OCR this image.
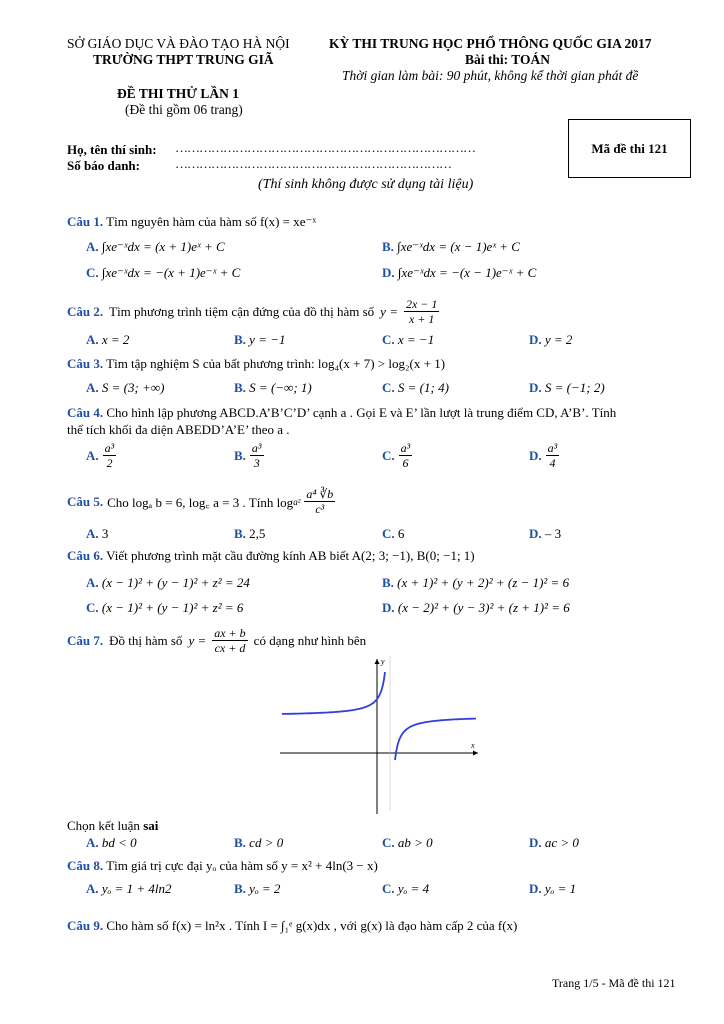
SỞ GIÁO DỤC VÀ ĐÀO TẠO HÀ NỘI
TRƯỜNG THPT TRUNG GIÃ
KỲ THI TRUNG HỌC PHỔ THÔNG QUỐC GIA 2017
Bài thi: TOÁN
Thời gian làm bài: 90 phút, không kể thời gian phát đề
ĐỀ THI THỬ LẦN 1
(Đề thi gồm 06 trang)
Họ, tên thí sinh: …………………………………………………………………
Số báo danh:	……………………………………………………………
Mã đề thi 121
(Thí sinh không được sử dụng tài liệu)
Câu 1. Tìm nguyên hàm của hàm số f(x) = xe⁻ˣ
A. ∫xe⁻ˣdx = (x + 1)eˣ + C	B. ∫xe⁻ˣdx = (x − 1)eˣ + C
C. ∫xe⁻ˣdx = −(x + 1)e⁻ˣ + C	D. ∫xe⁻ˣdx = −(x − 1)e⁻ˣ + C
Câu 2. Tìm phương trình tiệm cận đứng của đồ thị hàm số $y = \frac{2x - 1}{x + 1}$
A. x = 2	B. y = −1	C. x = −1	D. y = 2
Câu 3. Tìm tập nghiệm S của bất phương trình: log₄(x + 7) > log₂(x + 1)
A. S = (3; +∞)	B. S = (−∞; 1)	C. S = (1; 4)	D. S = (−1; 2)
Câu 4. Cho hình lập phương ABCD.A’B’C’D’ cạnh a . Gọi E và E’ lần lượt là trung điểm CD, A’B’. Tính
thể tích khối đa diện ABEDD’A’E’ theo a .
A. $\frac{\text{a³}}{2}$	B. $\frac{\text{a³}}{3}$	C. $\frac{\text{a³}}{6}$	D. $\frac{\text{a³}}{4}$
Câu 5. Cho logₐ b = 6, log꜀ a = 3 . Tính $\log a^2 \frac{\text{a⁴ ∛b}}{\text{c³}}$
A. 3	B. 2,5	C. 6	D. – 3
Câu 6. Viết phương trình mặt cầu đường kính AB biết A(2; 3; −1), B(0; −1; 1)
A. (x − 1)² + (y − 1)² + z² = 24	B. (x + 1)² + (y + 2)² + (z − 1)² = 6
C. (x − 1)² + (y − 1)² + z² = 6	D. (x − 2)² + (y − 3)² + (z + 1)² = 6
Câu 7. Đồ thị hàm số $y = \frac{ax + b}{cx + d}$ có dạng như hình bên
y
x
Chọn kết luận sai
A. bd < 0	B. cd > 0	C. ab > 0	D. ac > 0
Câu 8. Tìm giá trị cực đại yₒ của hàm số y = x² + 4ln(3 − x)
A. yₒ = 1 + 4ln2	B. yₒ = 2	C. yₒ = 4	D. yₒ = 1
Câu 9. Cho hàm số f(x) = ln²x . Tính I = ∫₁ᵉ g(x)dx , với g(x) là đạo hàm cấp 2 của f(x)
Trang 1/5 - Mã đề thi 121
